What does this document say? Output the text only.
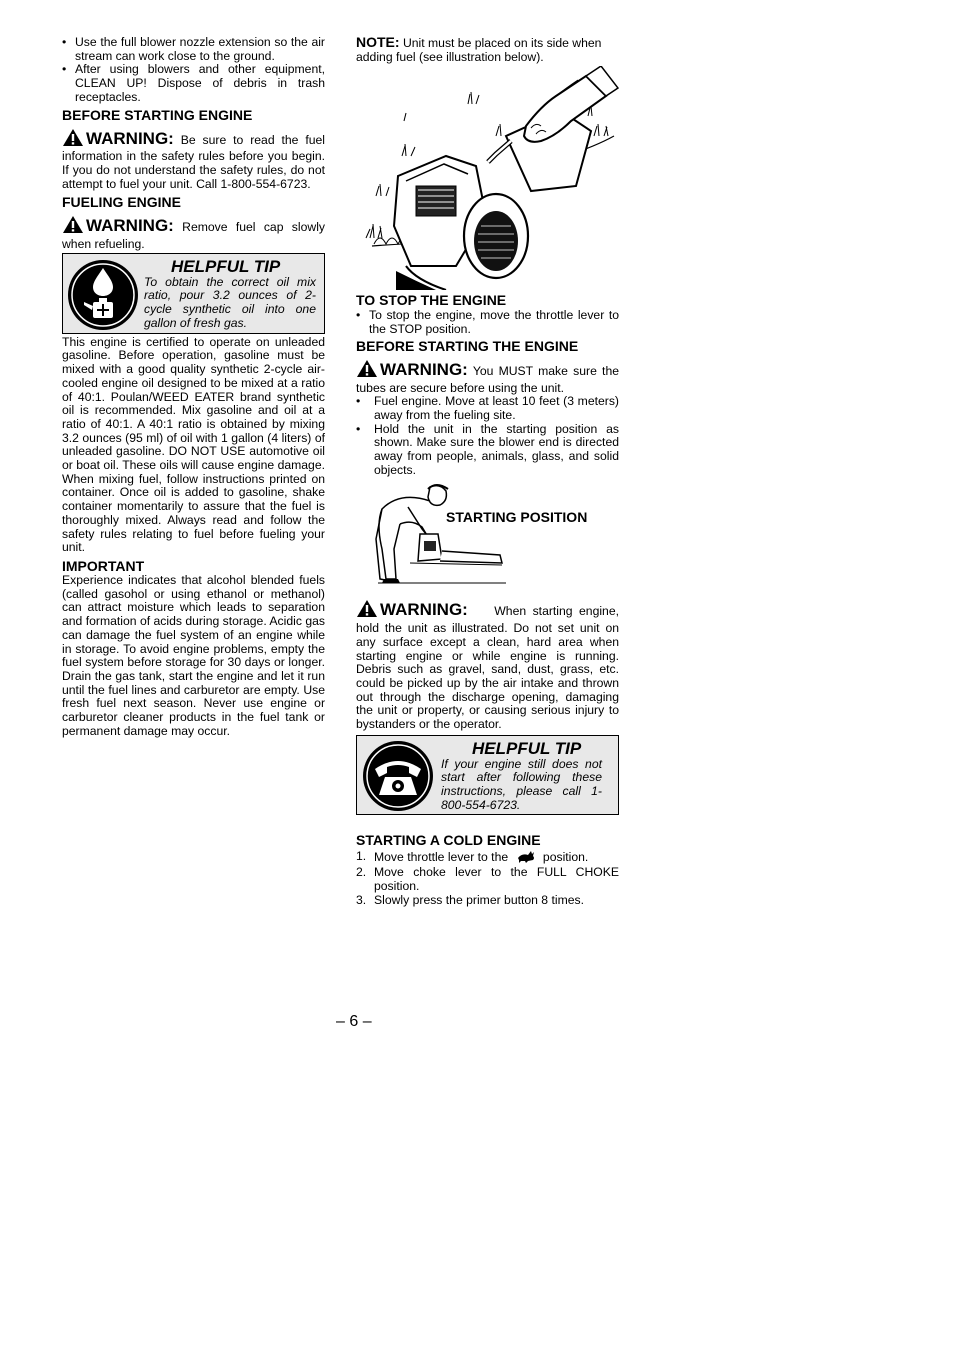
• Use the full blower nozzle extension so the air stream can work close to the ground.
• After using blowers and other equipment, CLEAN UP! Dispose of debris in trash receptacles.
BEFORE STARTING ENGINE

WARNING: Be sure to read the fuel information in the safety rules before you begin. If you do not understand the safety rules, do not attempt to fuel your unit. Call 1-800-554-6723.

FUELING ENGINE

WARNING: Remove fuel cap slowly when refueling.

HELPFUL TIP
To obtain the correct oil mix ratio, pour 3.2 ounces of 2-cycle synthetic oil into one gallon of fresh gas.

This engine is certified to operate on unleaded gasoline. Before operation, gasoline must be mixed with a good quality synthetic 2-cycle air-cooled engine oil designed to be mixed at a ratio of 40:1. Poulan/WEED EATER brand synthetic oil is recommended. Mix gasoline and oil at a ratio of 40:1. A 40:1 ratio is obtained by mixing 3.2 ounces (95 ml) of oil with 1 gallon (4 liters) of unleaded gasoline. DO NOT USE automotive oil or boat oil. These oils will cause engine damage. When mixing fuel, follow instructions printed on container. Once oil is added to gasoline, shake container momentarily to assure that the fuel is thoroughly mixed. Always read and follow the safety rules relating to fuel before fueling your unit.

IMPORTANT

Experience indicates that alcohol blended fuels (called gasohol or using ethanol or methanol) can attract moisture which leads to separation and formation of acids during storage. Acidic gas can damage the fuel system of an engine while in storage. To avoid engine problems, empty the fuel system before storage for 30 days or longer. Drain the gas tank, start the engine and let it run until the fuel lines and carburetor are empty. Use fresh fuel next season. Never use engine or carburetor cleaner products in the fuel tank or permanent damage may occur.

NOTE: Unit must be placed on its side when adding fuel (see illustration below).

TO STOP THE ENGINE
• To stop the engine, move the throttle lever to the STOP position.
BEFORE STARTING THE ENGINE

WARNING: You MUST make sure the tubes are secure before using the unit.

• Fuel engine. Move at least 10 feet (3 meters) away from the fueling site.
• Hold the unit in the starting position as shown. Make sure the blower end is directed away from people, animals, glass, and solid objects.
STARTING POSITION

WARNING: When starting engine, hold the unit as illustrated. Do not set unit on any surface except a clean, hard area when starting engine or while engine is running. Debris such as gravel, sand, dust, grass, etc. could be picked up by the air intake and thrown out through the discharge opening, damaging the unit or property, or causing serious injury to bystanders or the operator.

HELPFUL TIP
If your engine still does not start after following these instructions, please call 1-800-554-6723.
STARTING A COLD ENGINE
1. Move throttle lever to the	position.
2. Move choke lever to the FULL CHOKE position.
3. Slowly press the primer button 8 times.
– 6 –
